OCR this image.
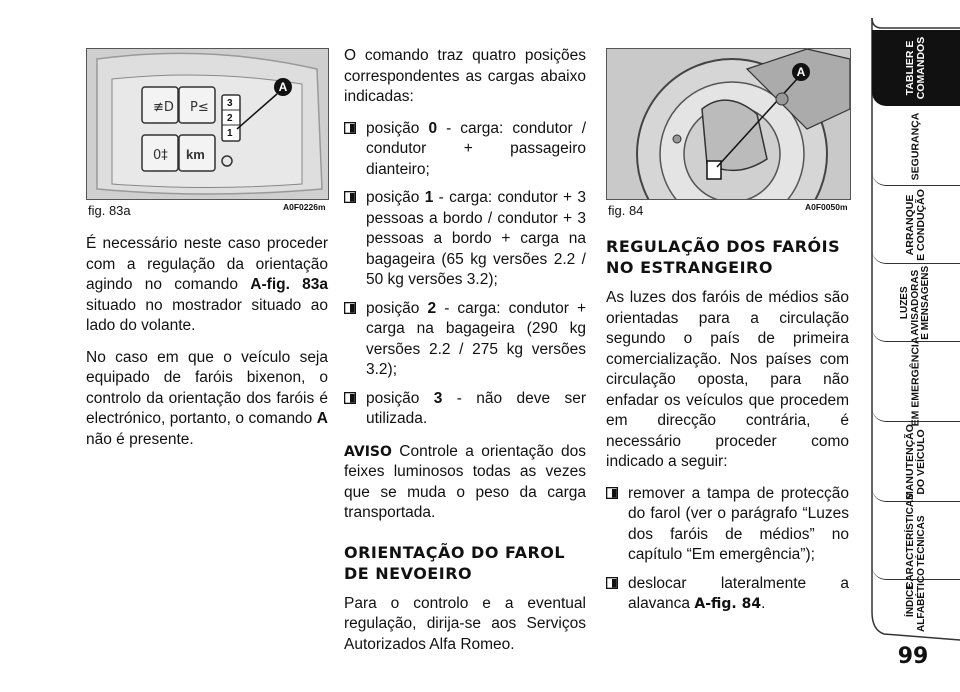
≢D P≤
0‡
3
2
1
km
A
fig. 83a	A0F0226m

É necessário neste caso proceder com a regulação da orientação agindo no comando A-fig. 83a situado no mostrador situado ao lado do volante.

No caso em que o veículo seja equipado de faróis bixenon, o controlo da orientação dos faróis é electrónico, portanto, o comando A não é presente.

O comando traz quatro posições correspondentes as cargas abaixo indicadas:

posição 0 - carga: condutor / condutor + passageiro dianteiro;
posição 1 - carga: condutor + 3 pessoas a bordo / condutor + 3 pessoas a bordo + carga na bagageira (65 kg versões 2.2 / 50 kg versões 3.2);
posição 2 - carga: condutor + carga na bagageira (290 kg versões 2.2 / 275 kg versões 3.2);
posição 3 - não deve ser utilizada.

AVISO Controle a orientação dos feixes luminosos todas as vezes que se muda o peso da carga transportada.

ORIENTAÇÃO DO FAROL
DE NEVOEIRO

Para o controlo e a eventual regulação, dirija-se aos Serviços Autorizados Alfa Romeo.

A
fig. 84	A0F0050m
REGULAÇÃO DOS FARÓIS
NO ESTRANGEIRO

As luzes dos faróis de médios são orientadas para a circulação segundo o país de primeira comercialização. Nos países com circulação oposta, para não enfadar os veículos que procedem em direcção contrária, é necessário proceder como indicado a seguir:

remover a tampa de protecção do farol (ver o parágrafo “Luzes dos faróis de médios” no capítulo “Em emergência”);
deslocar lateralmente a alavanca A-fig. 84.
TABLIER E COMANDOS
SEGURANÇA
ARRANQUE E CONDUÇÃO
LUZES AVISADORAS E MENSAGENS
EM EMERGÊNCIA
MANUTENÇÃO DO VEÍCULO
CARACTERÍSTICAS TÉCNICAS
ÍNDICE ALFABÉTICO
99
